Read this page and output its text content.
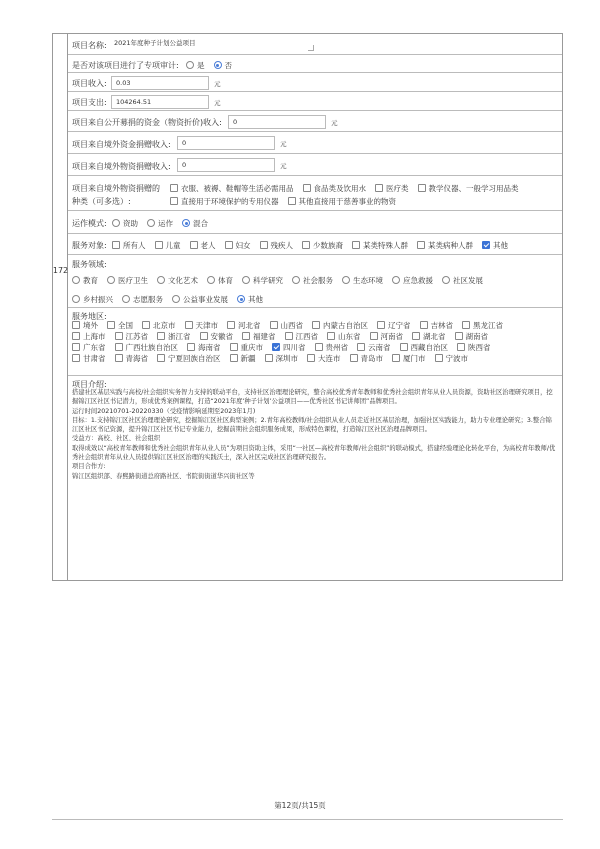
172
项目名称:	2021年度种子计划公益项目
是否对该项目进行了专项审计:	是	否
项目收入:	0.03	元
项目支出:	104264.51	元
项目来自公开募捐的资金（物资折价)收入:	0	元
项目来自境外资金捐赠收入:	0	元
项目来自境外物资捐赠收入:	0	元
项目来自境外物资捐赠的
种类（可多选）:
衣服、被褥、鞋帽等生活必需用品	食品类及饮用水	医疗类	教学仪器、一般学习用品类
直接用于环境保护的专用仪器	其他直接用于慈善事业的物资
运作模式:	资助	运作	混合
服务对象:	所有人	儿童	老人	妇女	残疾人	少数族裔	某类特殊人群	某类病种人群	其他
服务领域:
教育	医疗卫生	文化艺术	体育	科学研究	社会服务	生态环境	应急救援	社区发展
乡村振兴	志愿服务	公益事业发展	其他
服务地区:
境外	全国	北京市	天津市	河北省	山西省	内蒙古自治区	辽宁省	吉林省	黑龙江省
上海市	江苏省	浙江省	安徽省	福建省	江西省	山东省	河南省	湖北省	湖南省
广东省	广西壮族自治区	海南省	重庆市	四川省	贵州省	云南省	西藏自治区	陕西省
甘肃省	青海省	宁夏回族自治区	新疆	深圳市	大连市	青岛市	厦门市	宁波市
项目介绍:

搭建社区基层实践与高校/社会组织实务智力支持的联动平台，支持社区治理理论研究，整合高校优秀青年教师和优秀社会组织青年从业人员资源，资助社区治理研究项目，挖掘锦江区社区书记潜力，形成优秀案例课程，打造“2021年度‘种子计划’公益项目——优秀社区书记讲师团”品牌项目。

运行时间20210701-20220330（受疫情影响延期至2023年1月)

目标：1.支持锦江区社区治理理论研究，挖掘锦江区社区典型案例；2.青年高校教师/社会组织从业人员走近社区基层治理，加强社区实践能力，助力专业理论研究；3.整合锦江区社区书记资源，提升锦江区社区书记专业能力，挖掘前期社会组织服务成果，形成特色课程，打造锦江区社区治理品牌项目。

受益方：高校、社区、社会组织

取得成效以“高校青年教师和优秀社会组织青年从业人员”为项目资助主体，采用“一社区—高校青年教师/社会组织”的联动模式，搭建经验理论化转化平台，为高校青年教师/优秀社会组织青年从业人员提供锦江区社区治理的实践沃土，深入社区完成社区治理研究报告。

项目合作方:

锦江区组织部、春熙路街道总府路社区、书院街街道华兴街社区等

第12页/共15页
